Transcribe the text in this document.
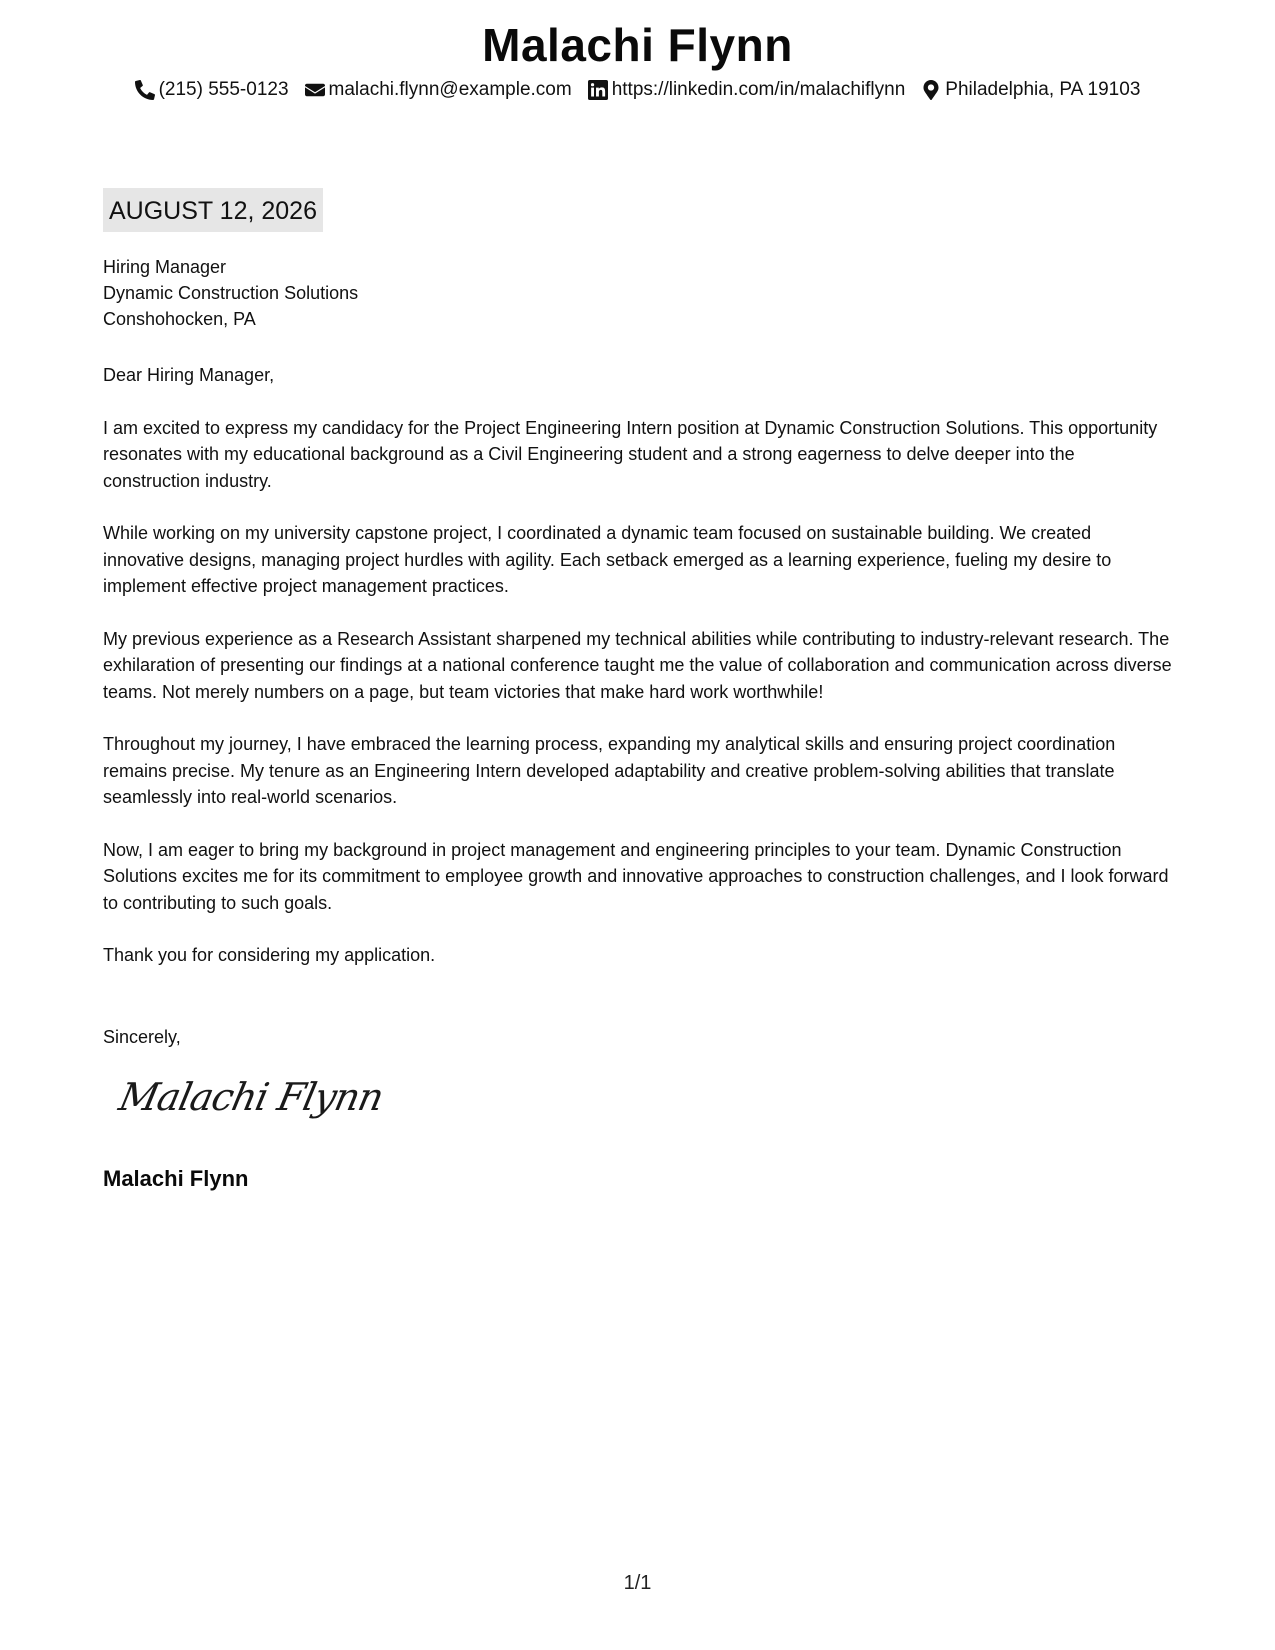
Malachi Flynn
(215) 555-0123 malachi.flynn@example.com https://linkedin.com/in/malachiflynn Philadelphia, PA 19103
AUGUST 12, 2026
Hiring Manager
Dynamic Construction Solutions
Conshohocken, PA

Dear Hiring Manager,

I am excited to express my candidacy for the Project Engineering Intern position at Dynamic Construction Solutions. This opportunity resonates with my educational background as a Civil Engineering student and a strong eagerness to delve deeper into the construction industry.

While working on my university capstone project, I coordinated a dynamic team focused on sustainable building. We created innovative designs, managing project hurdles with agility. Each setback emerged as a learning experience, fueling my desire to implement effective project management practices.

My previous experience as a Research Assistant sharpened my technical abilities while contributing to industry-relevant research. The exhilaration of presenting our findings at a national conference taught me the value of collaboration and communication across diverse teams. Not merely numbers on a page, but team victories that make hard work worthwhile!

Throughout my journey, I have embraced the learning process, expanding my analytical skills and ensuring project coordination remains precise. My tenure as an Engineering Intern developed adaptability and creative problem-solving abilities that translate seamlessly into real-world scenarios.

Now, I am eager to bring my background in project management and engineering principles to your team. Dynamic Construction Solutions excites me for its commitment to employee growth and innovative approaches to construction challenges, and I look forward to contributing to such goals.

Thank you for considering my application.

Sincerely,
Malachi Flynn
Malachi Flynn
1/1
